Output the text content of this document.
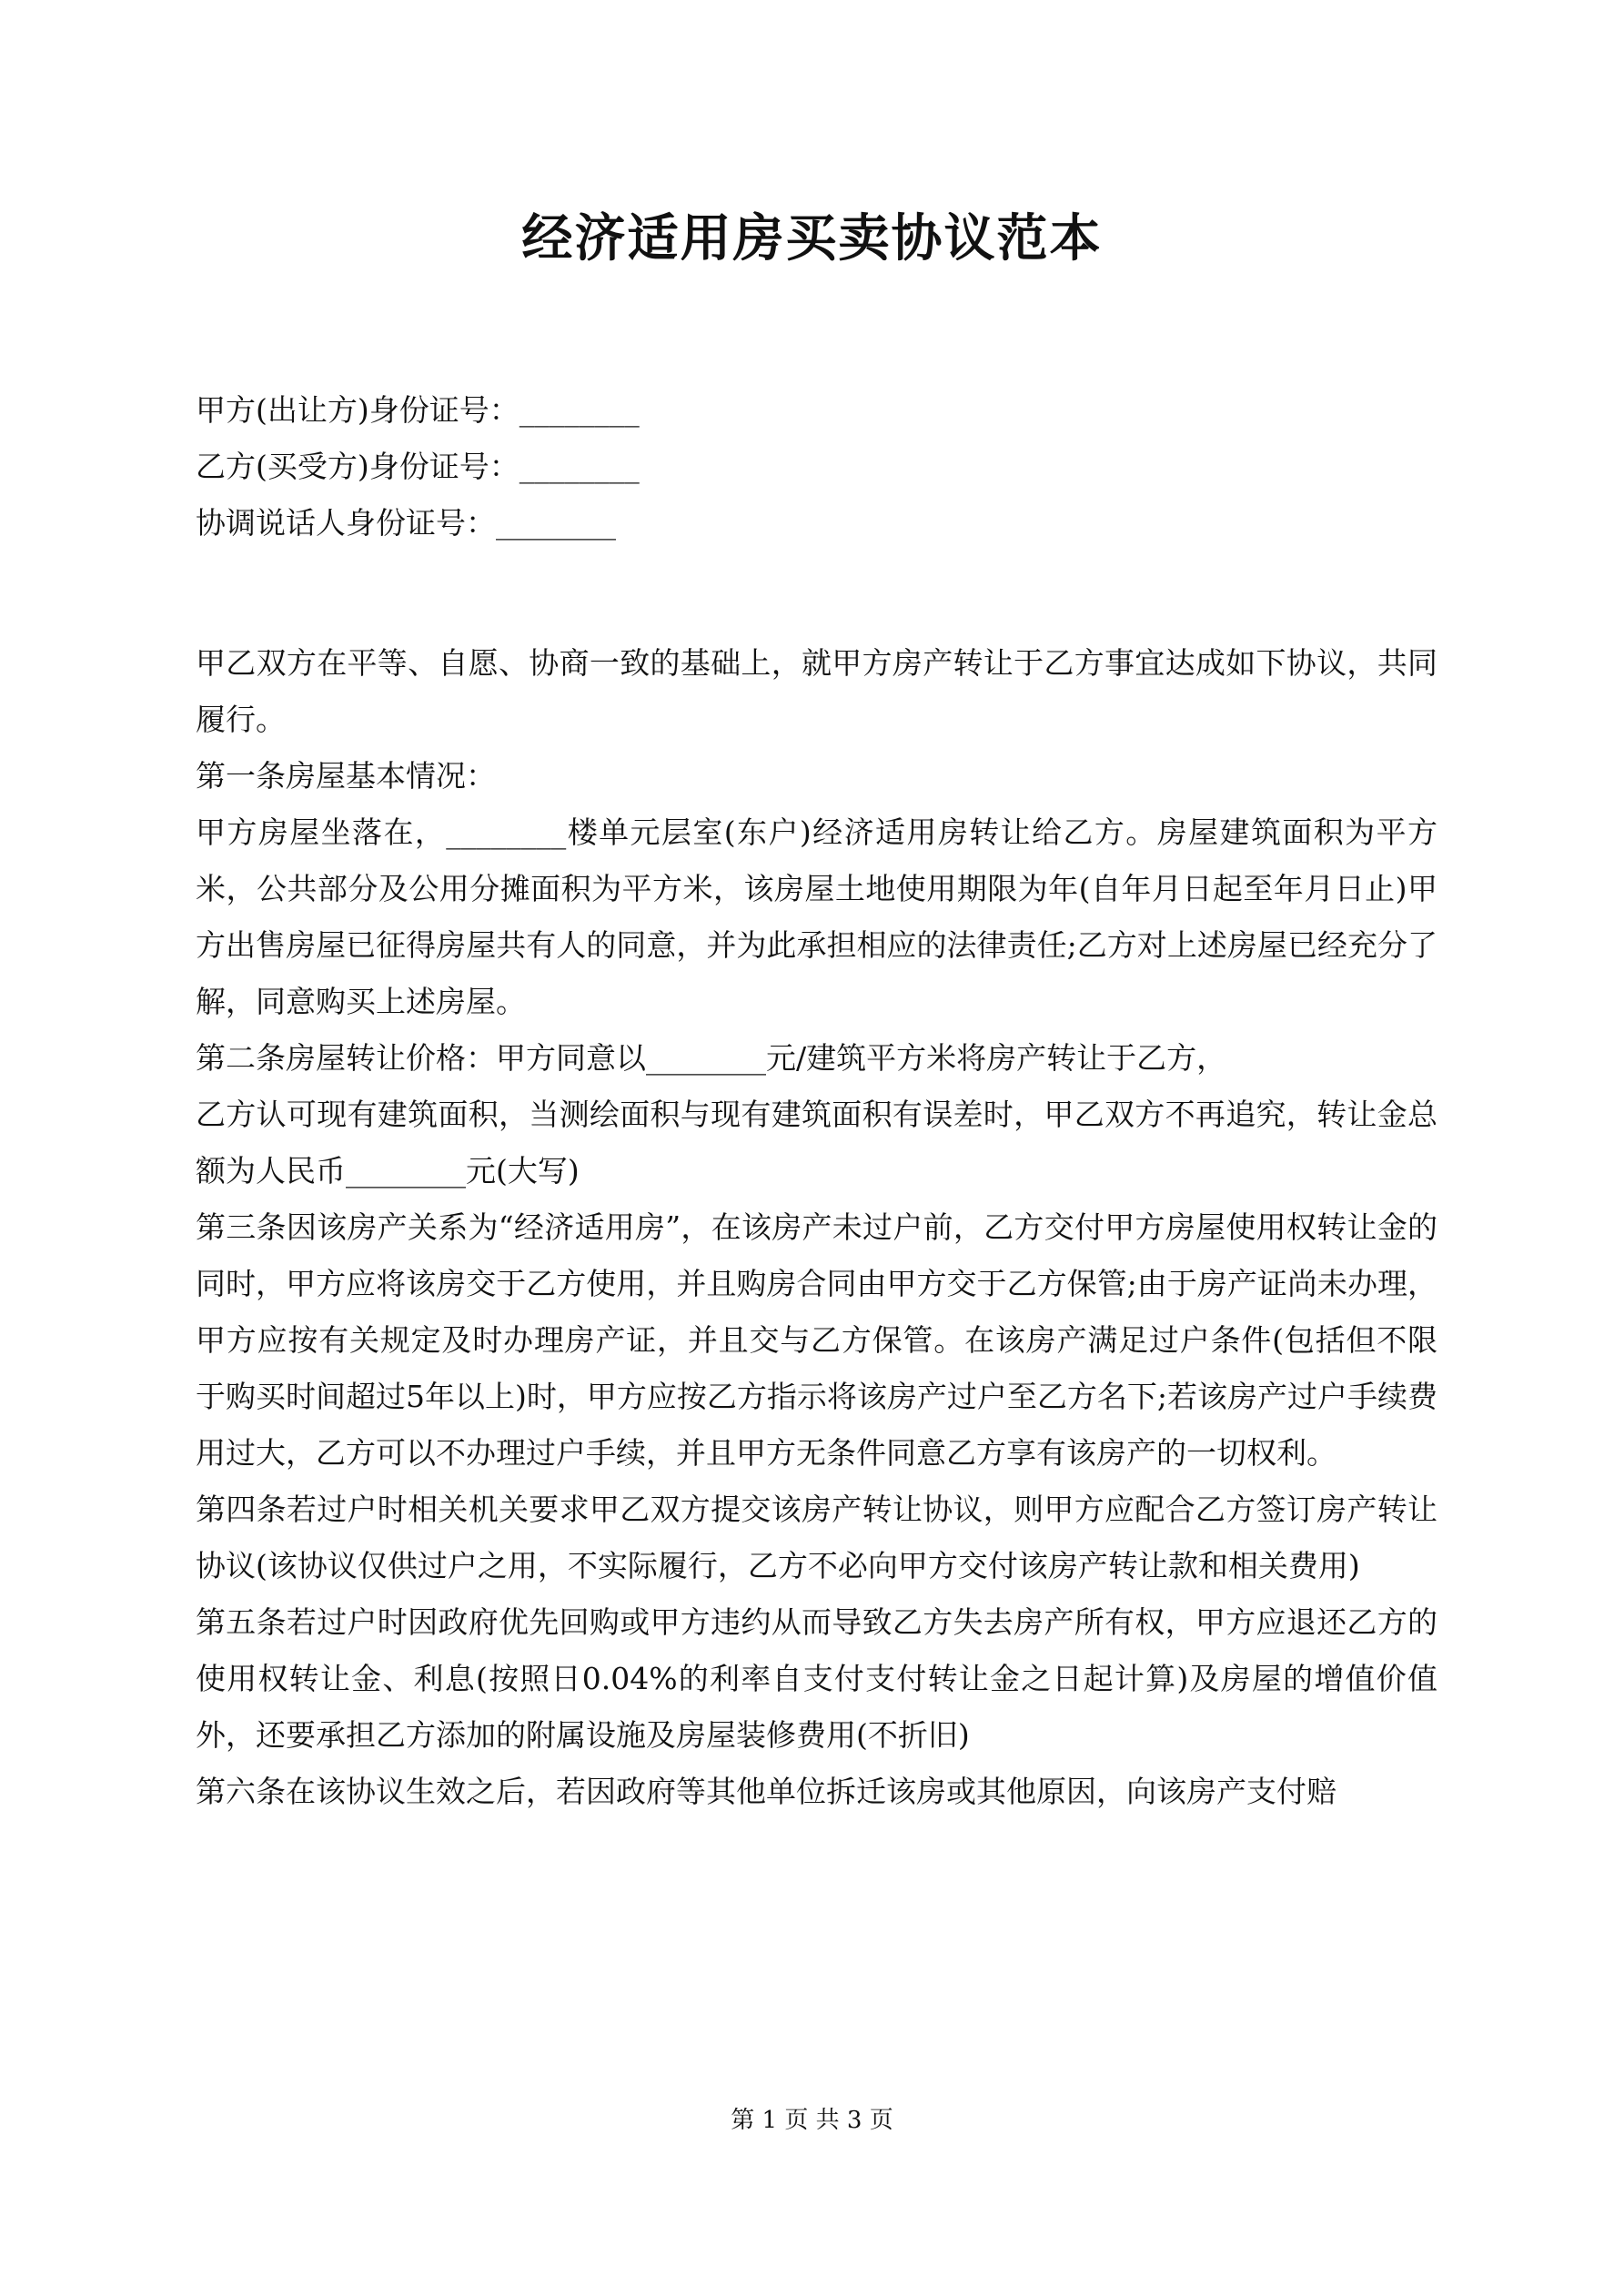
经济适用房买卖协议范本
甲方(出让方)身份证号：________
乙方(买受方)身份证号：________
协调说话人身份证号：________

甲乙双方在平等、自愿、协商一致的基础上，就甲方房产转让于乙方事宜达成如下协议，共同履行。

第一条房屋基本情况：

甲方房屋坐落在，________楼单元层室(东户)经济适用房转让给乙方。房屋建筑面积为平方米，公共部分及公用分摊面积为平方米，该房屋土地使用期限为年(自年月日起至年月日止)甲方出售房屋已征得房屋共有人的同意，并为此承担相应的法律责任;乙方对上述房屋已经充分了解，同意购买上述房屋。

第二条房屋转让价格：甲方同意以________元/建筑平方米将房产转让于乙方，

乙方认可现有建筑面积，当测绘面积与现有建筑面积有误差时，甲乙双方不再追究，转让金总额为人民币________元(大写)

第三条因该房产关系为“经济适用房”，在该房产未过户前，乙方交付甲方房屋使用权转让金的同时，甲方应将该房交于乙方使用，并且购房合同由甲方交于乙方保管;由于房产证尚未办理，甲方应按有关规定及时办理房产证，并且交与乙方保管。在该房产满足过户条件(包括但不限于购买时间超过5年以上)时，甲方应按乙方指示将该房产过户至乙方名下;若该房产过户手续费用过大，乙方可以不办理过户手续，并且甲方无条件同意乙方享有该房产的一切权利。

第四条若过户时相关机关要求甲乙双方提交该房产转让协议，则甲方应配合乙方签订房产转让协议(该协议仅供过户之用，不实际履行，乙方不必向甲方交付该房产转让款和相关费用)

第五条若过户时因政府优先回购或甲方违约从而导致乙方失去房产所有权，甲方应退还乙方的使用权转让金、利息(按照日0.04%的利率自支付支付转让金之日起计算)及房屋的增值价值外，还要承担乙方添加的附属设施及房屋装修费用(不折旧)

第六条在该协议生效之后，若因政府等其他单位拆迁该房或其他原因，向该房产支付赔

第 1 页 共 3 页
